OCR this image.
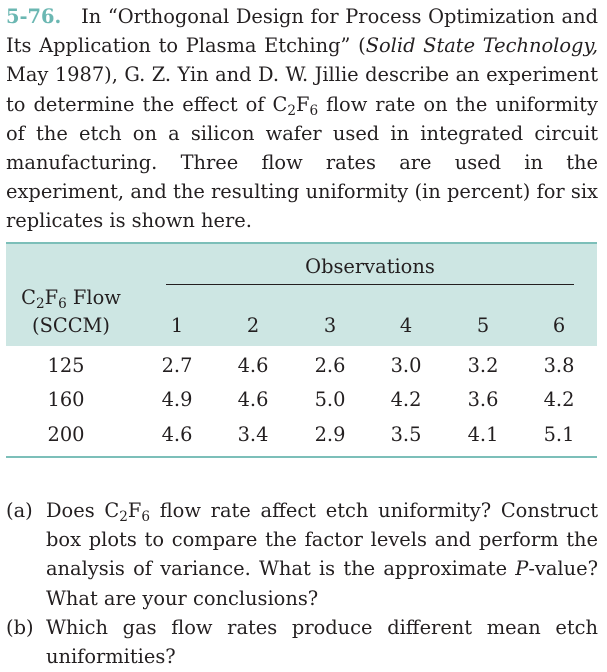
5-76. In “Orthogonal Design for Process Optimization and Its Application to Plasma Etching” (Solid State Technology, May 1987), G. Z. Yin and D. W. Jillie describe an experiment to determine the effect of $C_2F_6$ flow rate on the uniformity of the etch on a silicon wafer used in integrated circuit manufacturing. Three flow rates are used in the experiment, and the resulting uniformity (in percent) for six replicates is shown here.
Observations
$C_2F_6$ Flow
(SCCM)	1	2	3	4	5	6
125	2.7	4.6	2.6	3.0	3.2	3.8
160	4.9	4.6	5.0	4.2	3.6	4.2
200	4.6	3.4	2.9	3.5	4.1	5.1
(a) Does $C_2F_6$ flow rate affect etch uniformity? Construct box plots to compare the factor levels and perform the analysis of variance. What is the approximate P-value? What are your conclusions?
(b) Which gas flow rates produce different mean etch uniformities?
